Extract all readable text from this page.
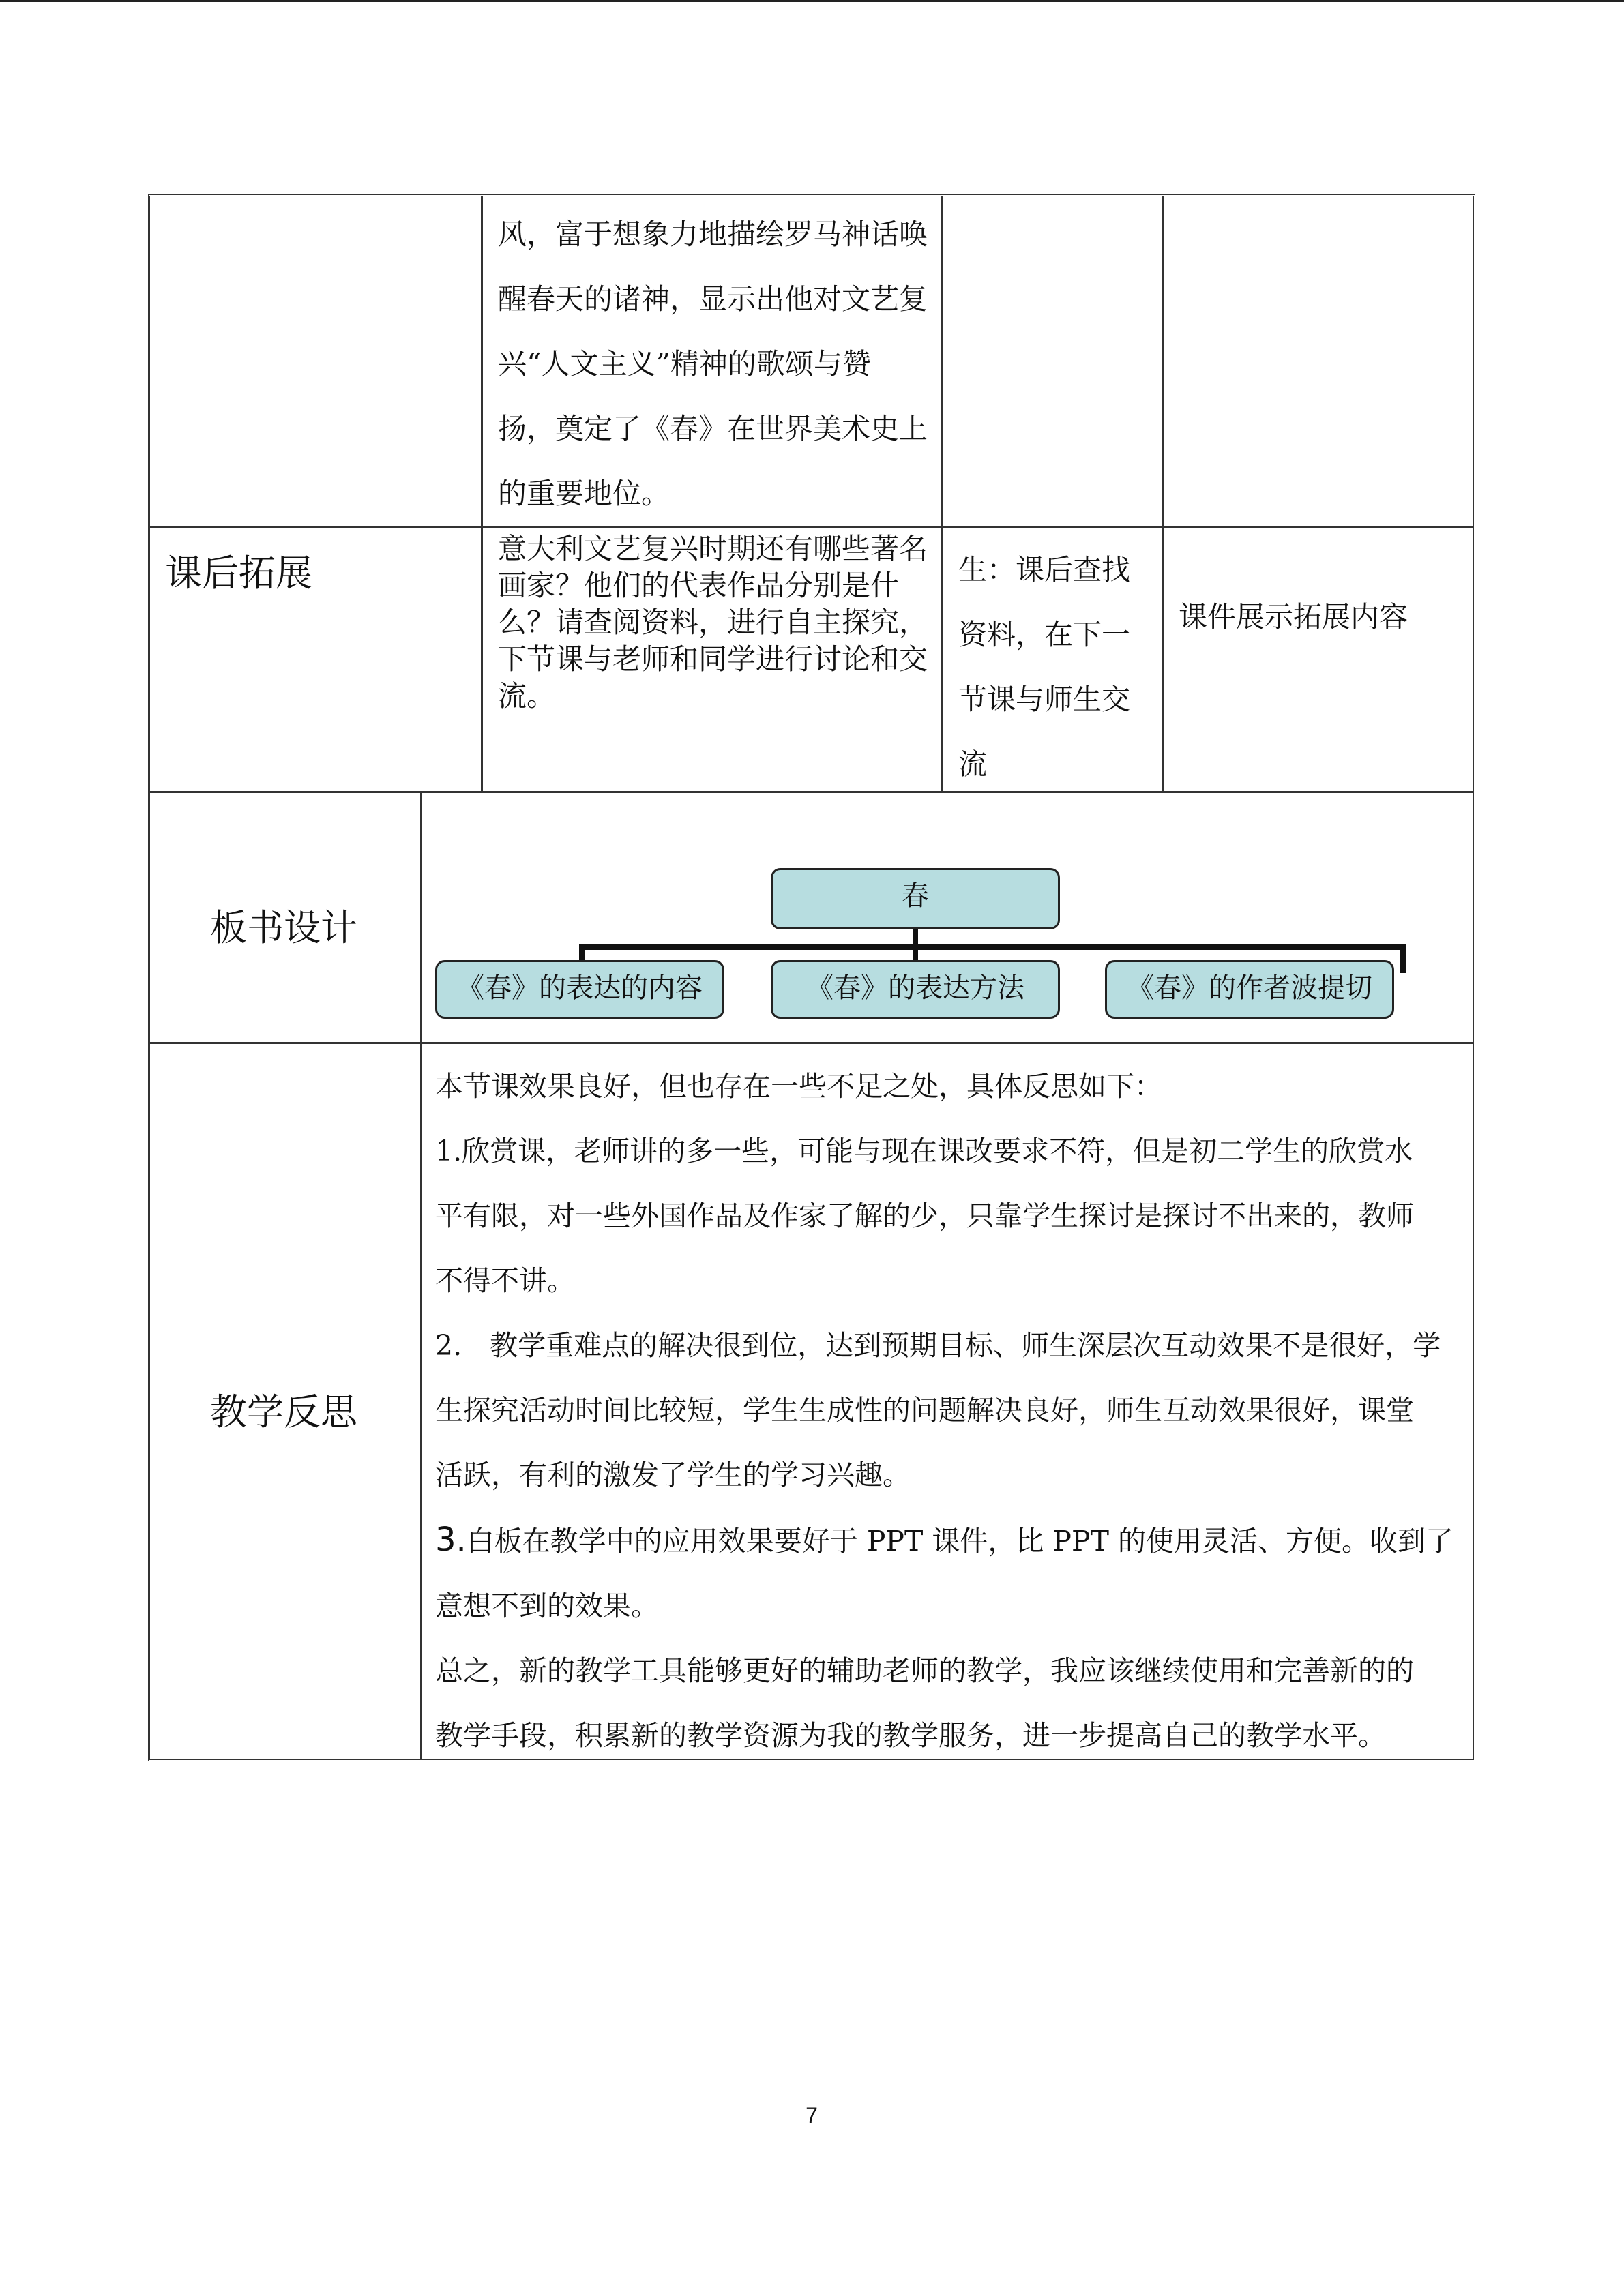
风，富于想象力地描绘罗马神话唤
醒春天的诸神，显示出他对文艺复
兴“人文主义”精神的歌颂与赞
扬，奠定了《春》在世界美术史上
的重要地位。
课后拓展
意大利文艺复兴时期还有哪些著名
画家？他们的代表作品分别是什
么？请查阅资料，进行自主探究，
下节课与老师和同学进行讨论和交
流。
生：课后查找
资料，在下一
节课与师生交
流
课件展示拓展内容
板书设计
春
《春》的表达的内容	《春》的表达方法	《春》的作者波提切
教学反思

本节课效果良好，但也存在一些不足之处，具体反思如下：

1.欣赏课，老师讲的多一些，可能与现在课改要求不符，但是初二学生的欣赏水

平有限，对一些外国作品及作家了解的少，只靠学生探讨是探讨不出来的，教师

不得不讲。

2.　教学重难点的解决很到位，达到预期目标、师生深层次互动效果不是很好，学

生探究活动时间比较短，学生生成性的问题解决良好，师生互动效果很好，课堂

活跃，有利的激发了学生的学习兴趣。

3.白板在教学中的应用效果要好于 PPT 课件，比 PPT 的使用灵活、方便。收到了

意想不到的效果。

总之，新的教学工具能够更好的辅助老师的教学，我应该继续使用和完善新的的

教学手段，积累新的教学资源为我的教学服务，进一步提高自己的教学水平。

7
